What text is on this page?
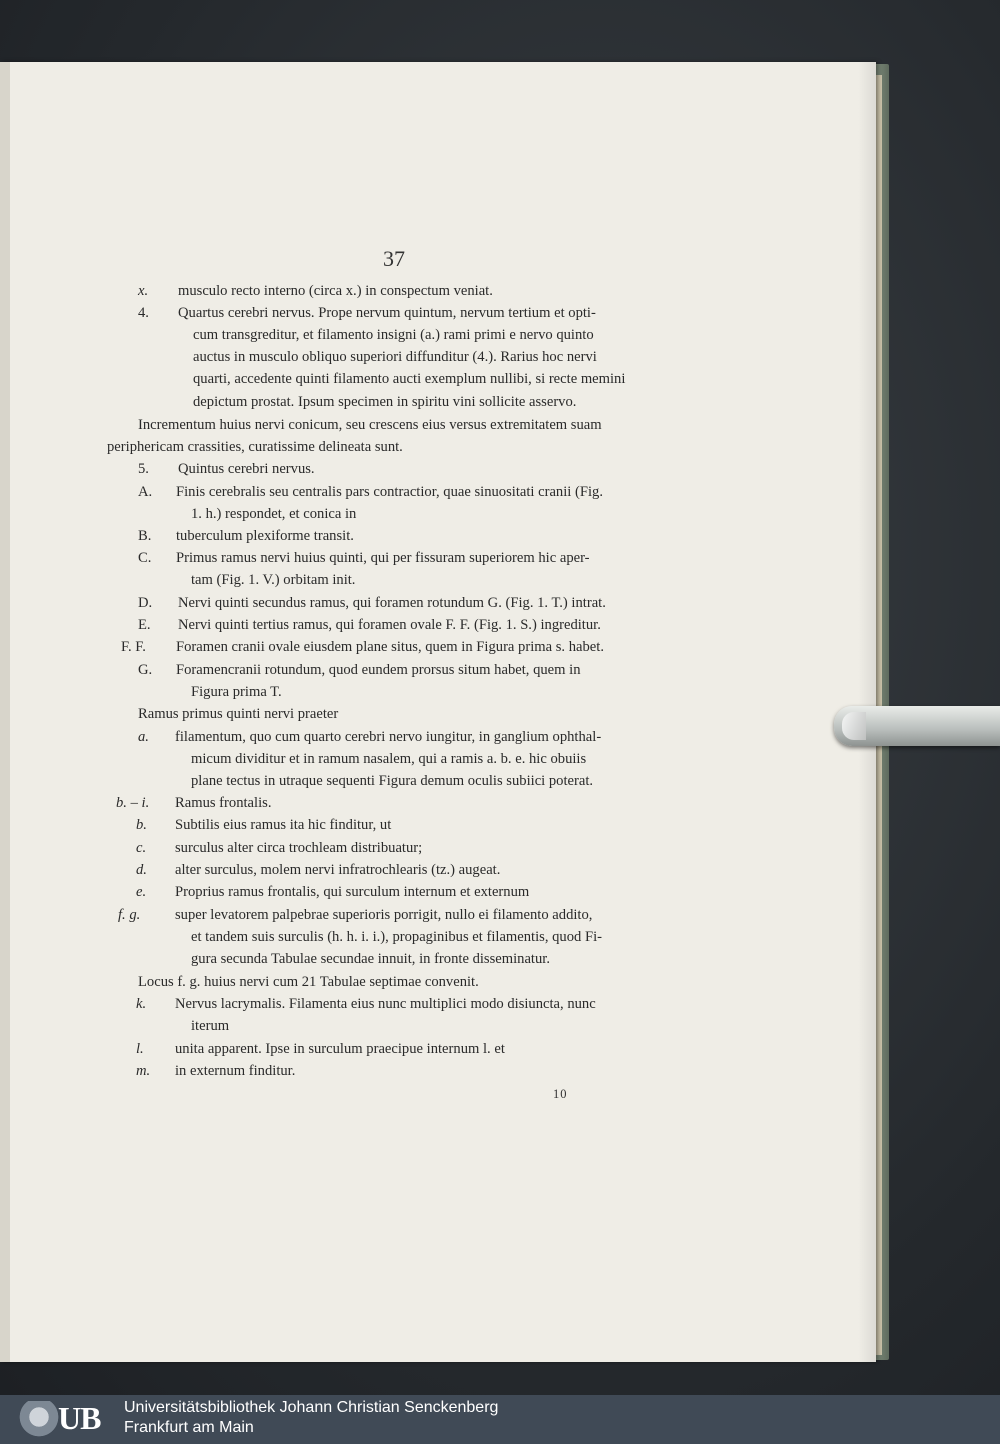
37
x. musculo recto interno (circa x.) in conspectum veniat.
4. Quartus cerebri nervus. Prope nervum quintum, nervum tertium et opti-
cum transgreditur, et filamento insigni (a.) rami primi e nervo quinto
auctus in musculo obliquo superiori diffunditur (4.). Rarius hoc nervi
quarti, accedente quinti filamento aucti exemplum nullibi, si recte memini
depictum prostat. Ipsum specimen in spiritu vini sollicite asservo.
Incrementum huius nervi conicum, seu crescens eius versus extremitatem suam
periphericam crassities, curatissime delineata sunt.
5. Quintus cerebri nervus.
A. Finis cerebralis seu centralis pars contractior, quae sinuositati cranii (Fig.
1. h.) respondet, et conica in
B. tuberculum plexiforme transit.
C. Primus ramus nervi huius quinti, qui per fissuram superiorem hic aper-
tam (Fig. 1. V.) orbitam init.
D. Nervi quinti secundus ramus, qui foramen rotundum G. (Fig. 1. T.) intrat.
E. Nervi quinti tertius ramus, qui foramen ovale F. F. (Fig. 1. S.) ingreditur.
F. F. Foramen cranii ovale eiusdem plane situs, quem in Figura prima s. habet.
G. Foramencranii rotundum, quod eundem prorsus situm habet, quem in
Figura prima T.
Ramus primus quinti nervi praeter
a. filamentum, quo cum quarto cerebri nervo iungitur, in ganglium ophthal-
micum dividitur et in ramum nasalem, qui a ramis a. b. e. hic obuiis
plane tectus in utraque sequenti Figura demum oculis subiici poterat.
b. – i. Ramus frontalis.
b. Subtilis eius ramus ita hic finditur, ut
c. surculus alter circa trochleam distribuatur;
d. alter surculus, molem nervi infratrochlearis (tz.) augeat.
e. Proprius ramus frontalis, qui surculum internum et externum
f. g. super levatorem palpebrae superioris porrigit, nullo ei filamento addito,
et tandem suis surculis (h. h. i. i.), propaginibus et filamentis, quod Fi-
gura secunda Tabulae secundae innuit, in fronte disseminatur.
Locus f. g. huius nervi cum 21 Tabulae septimae convenit.
k. Nervus lacrymalis. Filamenta eius nunc multiplici modo disiuncta, nunc
iterum
l. unita apparent. Ipse in surculum praecipue internum l. et
m. in externum finditur.
10
UB Universitätsbibliothek Johann Christian Senckenberg
Frankfurt am Main
